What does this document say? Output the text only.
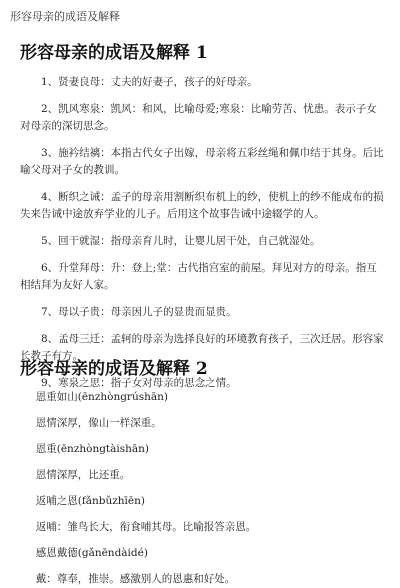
形容母亲的成语及解释
形容母亲的成语及解释 1

1、贤妻良母：丈夫的好妻子，孩子的好母亲。

2、凯风寒泉：凯风：和风，比喻母爱;寒泉：比喻劳苦、忧患。表示子女对母亲的深切思念。

3、施衿结褵：本指古代女子出嫁，母亲将五彩丝绳和佩巾结于其身。后比喻父母对子女的教训。

4、断织之诫：孟子的母亲用割断织布机上的纱，使机上的纱不能成布的损失来告诫中途放弃学业的儿子。后用这个故事告诫中途辍学的人。

5、回干就湿：指母亲育儿时，让婴儿居干处，自己就湿处。

6、升堂拜母：升：登上;堂：古代指宫室的前屋。拜见对方的母亲。指互相结拜为友好人家。

7、母以子贵：母亲因儿子的显贵而显贵。

8、孟母三迁：孟轲的母亲为选择良好的环境教育孩子，三次迁居。形容家长教子有方。

9、寒泉之思：指子女对母亲的思念之情。

形容母亲的成语及解释 2

恩重如山(ēnzhòngrúshān)

恩情深厚，像山一样深重。

恩重(ēnzhòngtàishān)

恩情深厚，比还重。

返哺之恩(fǎnbǔzhīēn)

返哺：雏鸟长大，衔食哺其母。比喻报答亲恩。

感恩戴德(gǎnēndàidé)

戴：尊奉，推崇。感激别人的恩惠和好处。
